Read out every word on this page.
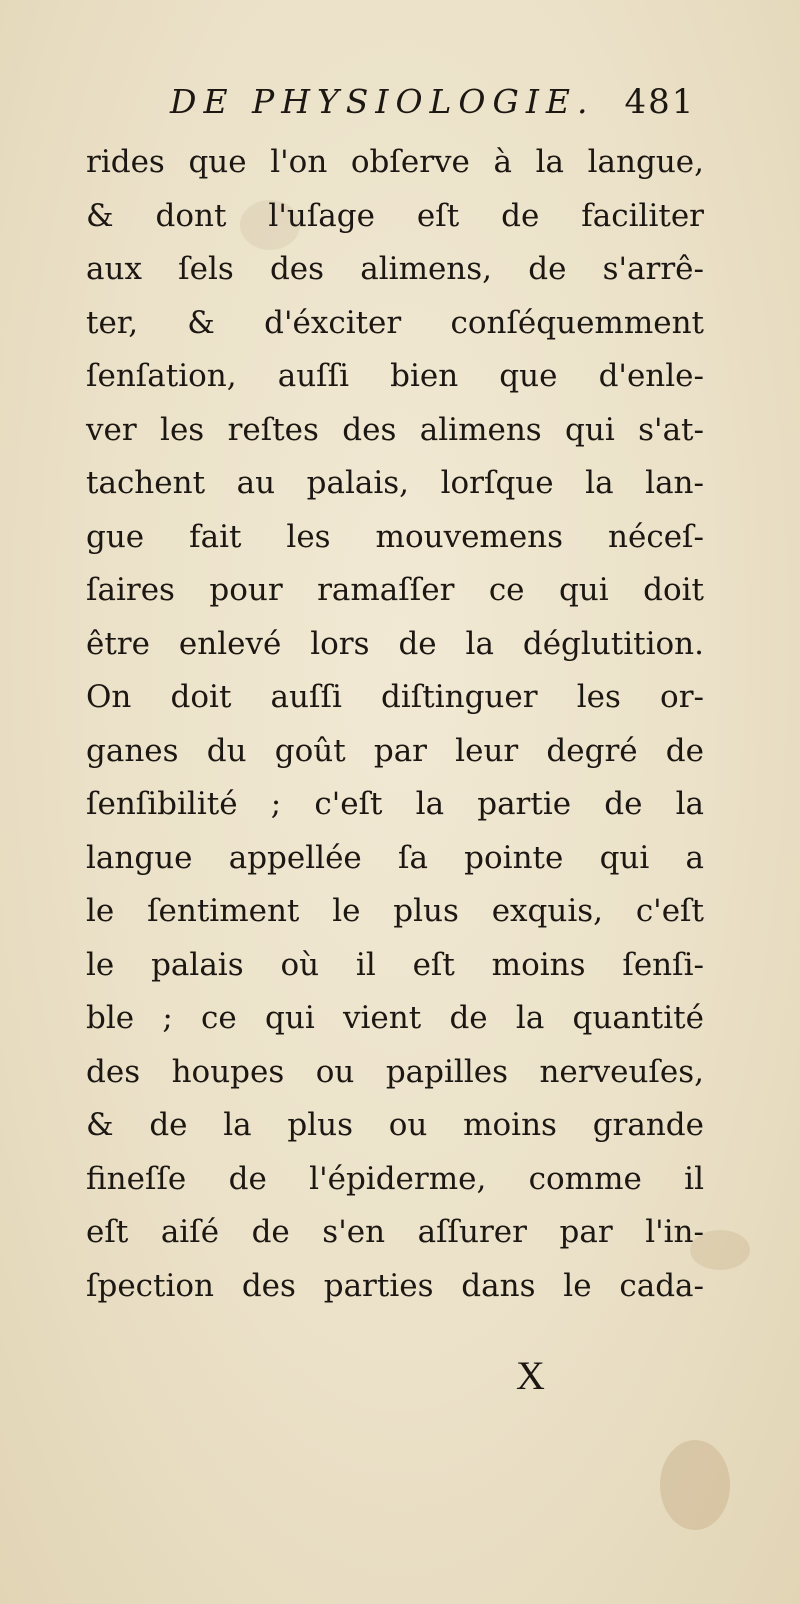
DE PHYSIOLOGIE. 481
rides que l'on obſerve à la langue,
& dont l'uſage eſt de faciliter
aux ſels des alimens, de s'arrê-
ter, & d'éxciter conſéquemment
ſenſation, auſſi bien que d'enle-
ver les reſtes des alimens qui s'at-
tachent au palais, lorſque la lan-
gue fait les mouvemens néceſ-
ſaires pour ramaſſer ce qui doit
être enlevé lors de la déglutition.
On doit auſſi diſtinguer les or-
ganes du goût par leur degré de
ſenſibilité ; c'eſt la partie de la
langue appellée ſa pointe qui a
le ſentiment le plus exquis, c'eſt
le palais où il eſt moins ſenſi-
ble ; ce qui vient de la quantité
des houpes ou papilles nerveuſes,
& de la plus ou moins grande
fineſſe de l'épiderme, comme il
eſt aiſé de s'en aſſurer par l'in-
ſpection des parties dans le cada-
X
